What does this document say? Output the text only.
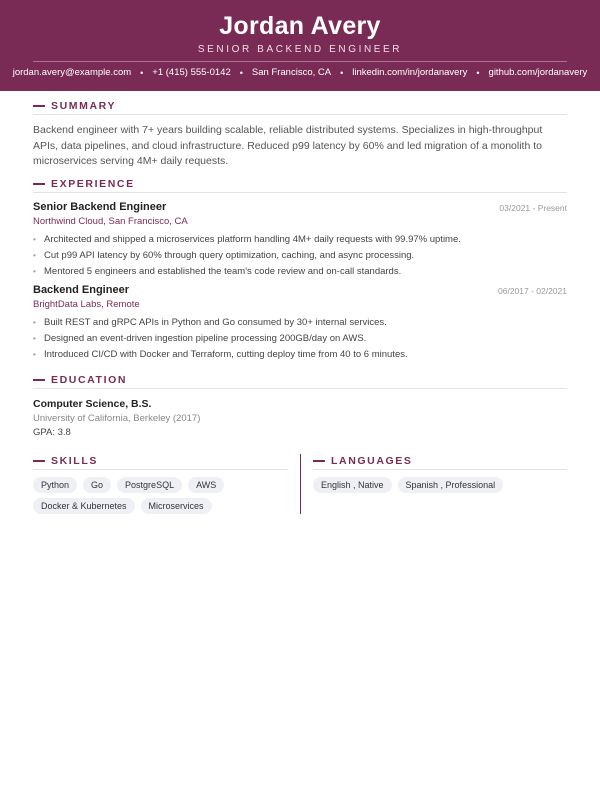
Jordan Avery
SENIOR BACKEND ENGINEER
jordan.avery@example.com • +1 (415) 555-0142 • San Francisco, CA • linkedin.com/in/jordanavery • github.com/jordanavery
SUMMARY
Backend engineer with 7+ years building scalable, reliable distributed systems. Specializes in high-throughput APIs, data pipelines, and cloud infrastructure. Reduced p99 latency by 60% and led migration of a monolith to microservices serving 4M+ daily requests.
EXPERIENCE
Senior Backend Engineer	03/2021 - Present
Northwind Cloud, San Francisco, CA
• Architected and shipped a microservices platform handling 4M+ daily requests with 99.97% uptime.
• Cut p99 API latency by 60% through query optimization, caching, and async processing.
• Mentored 5 engineers and established the team's code review and on-call standards.
Backend Engineer	06/2017 - 02/2021
BrightData Labs, Remote
• Built REST and gRPC APIs in Python and Go consumed by 30+ internal services.
• Designed an event-driven ingestion pipeline processing 200GB/day on AWS.
• Introduced CI/CD with Docker and Terraform, cutting deploy time from 40 to 6 minutes.
EDUCATION
Computer Science, B.S.
University of California, Berkeley (2017)
GPA: 3.8
SKILLS
Python	Go	PostgreSQL	AWS
Docker & Kubernetes	Microservices
LANGUAGES
English , Native	Spanish , Professional
